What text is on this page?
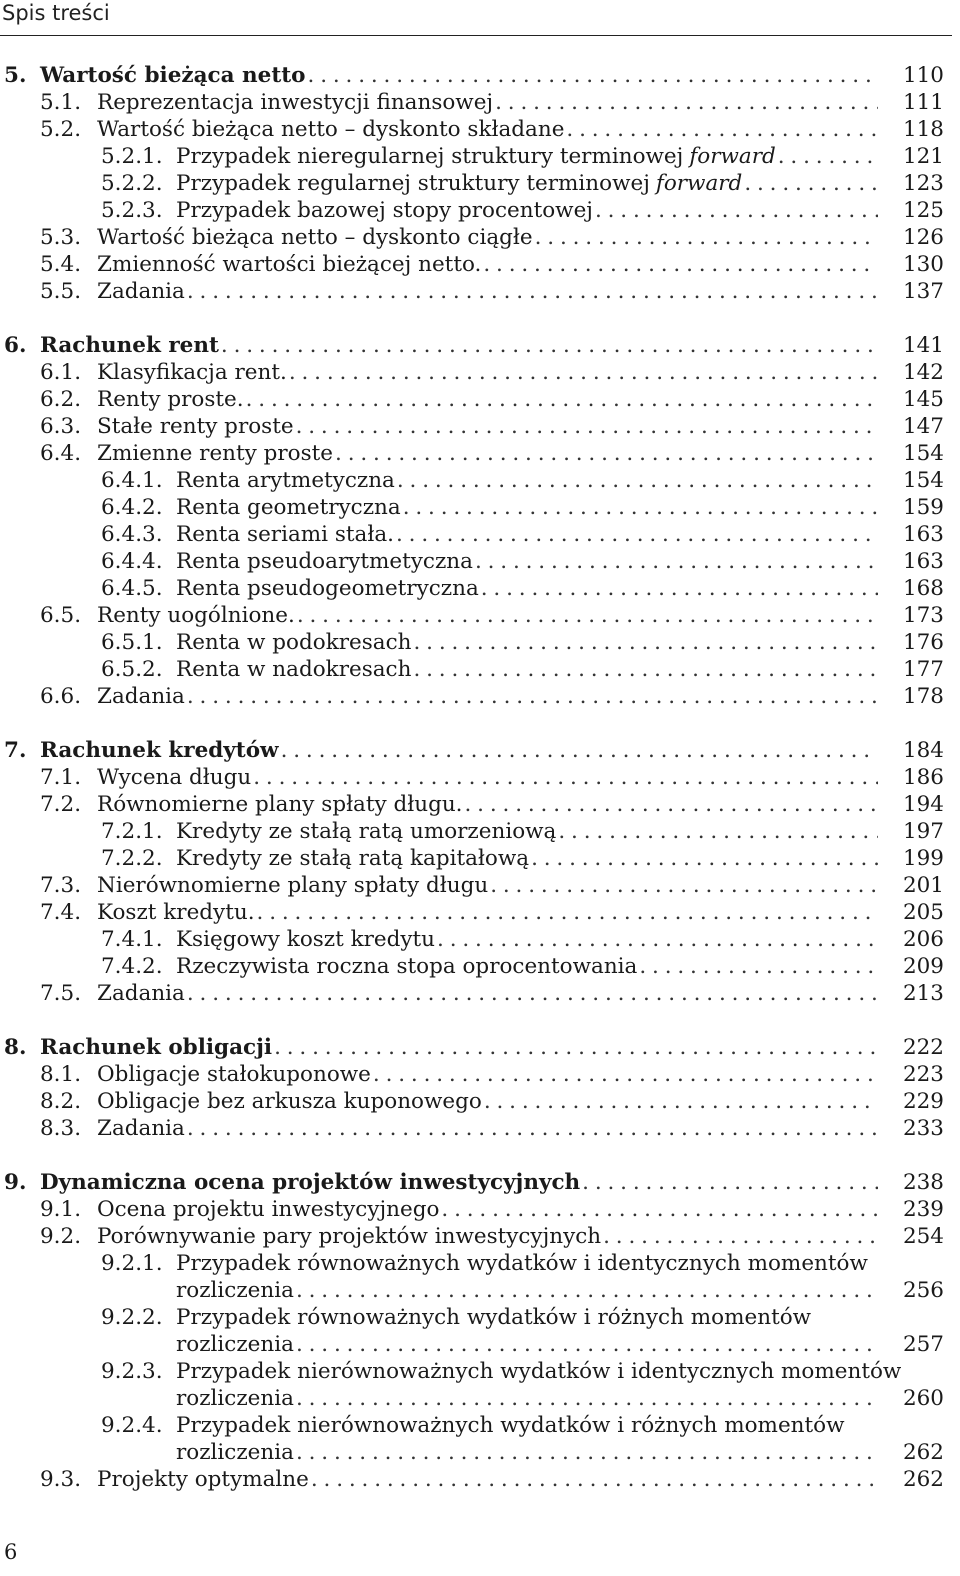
Spis treści
5. Wartość bieżąca netto . . .	110
5.1. Reprezentacja inwestycji finansowej . . .	111
5.2. Wartość bieżąca netto – dyskonto składane . . .	118
5.2.1. Przypadek nieregularnej struktury terminowej forward . . .	121
5.2.2. Przypadek regularnej struktury terminowej forward . . .	123
5.2.3. Przypadek bazowej stopy procentowej . . .	125
5.3. Wartość bieżąca netto – dyskonto ciągłe . . .	126
5.4. Zmienność wartości bieżącej netto. . . .	130
5.5. Zadania . . .	137
6. Rachunek rent . . .	141
6.1. Klasyfikacja rent. . . .	142
6.2. Renty proste. . . .	145
6.3. Stałe renty proste . . .	147
6.4. Zmienne renty proste . . .	154
6.4.1. Renta arytmetyczna . . .	154
6.4.2. Renta geometryczna . . .	159
6.4.3. Renta seriami stała. . . .	163
6.4.4. Renta pseudoarytmetyczna . . .	163
6.4.5. Renta pseudogeometryczna . . .	168
6.5. Renty uogólnione. . . .	173
6.5.1. Renta w podokresach . . .	176
6.5.2. Renta w nadokresach . . .	177
6.6. Zadania . . .	178
7. Rachunek kredytów . . .	184
7.1. Wycena długu . . .	186
7.2. Równomierne plany spłaty długu. . . .	194
7.2.1. Kredyty ze stałą ratą umorzeniową . . .	197
7.2.2. Kredyty ze stałą ratą kapitałową . . .	199
7.3. Nierównomierne plany spłaty długu . . .	201
7.4. Koszt kredytu. . . .	205
7.4.1. Księgowy koszt kredytu . . .	206
7.4.2. Rzeczywista roczna stopa oprocentowania . . .	209
7.5. Zadania . . .	213
8. Rachunek obligacji . . .	222
8.1. Obligacje stałokuponowe . . .	223
8.2. Obligacje bez arkusza kuponowego . . .	229
8.3. Zadania . . .	233
9. Dynamiczna ocena projektów inwestycyjnych . . .	238
9.1. Ocena projektu inwestycyjnego . . .	239
9.2. Porównywanie pary projektów inwestycyjnych . . .	254
9.2.1. Przypadek równoważnych wydatków i identycznych momentów
rozliczenia . . .	256
9.2.2. Przypadek równoważnych wydatków i różnych momentów
rozliczenia . . .	257
9.2.3. Przypadek nierównoważnych wydatków i identycznych momentów
rozliczenia . . .	260
9.2.4. Przypadek nierównoważnych wydatków i różnych momentów
rozliczenia . . .	262
9.3. Projekty optymalne . . .	262
6
